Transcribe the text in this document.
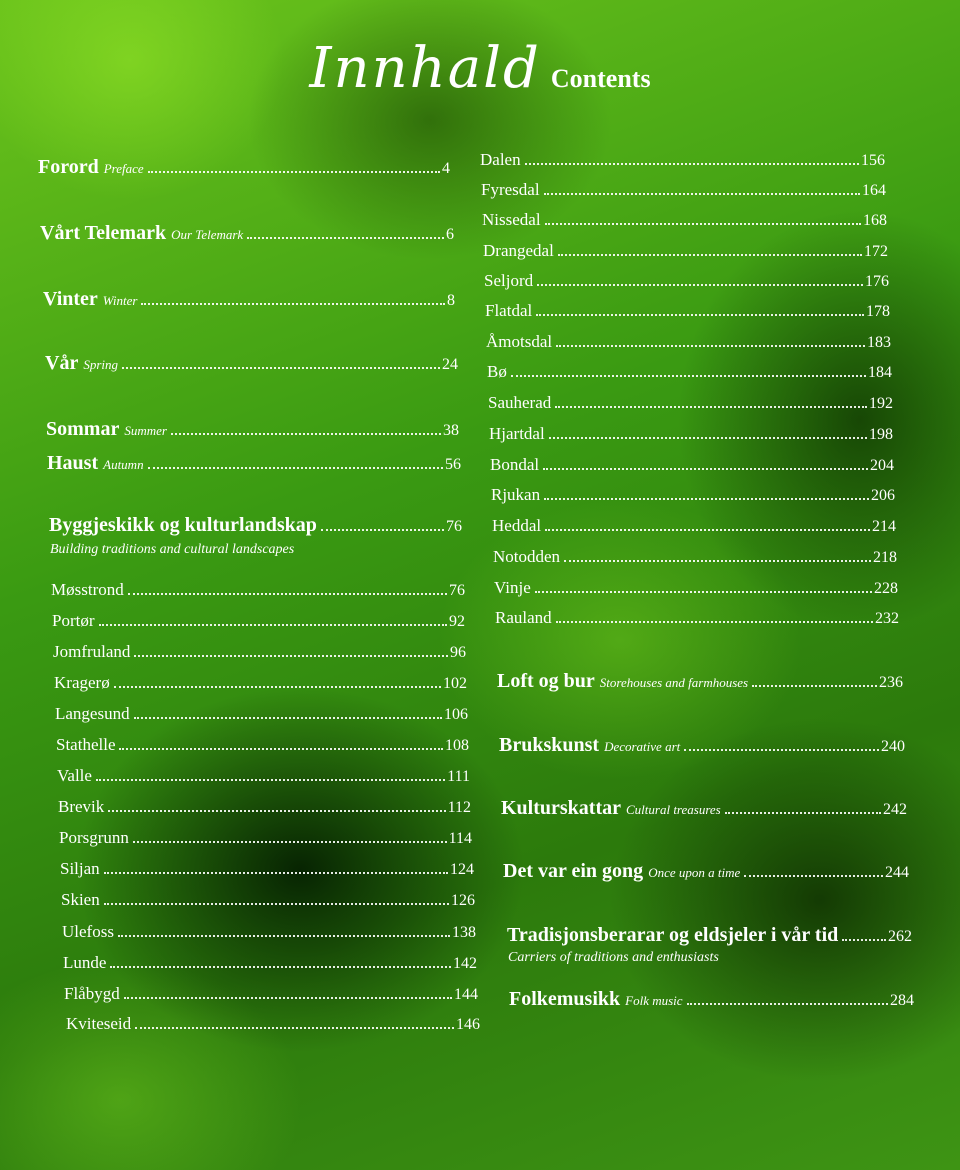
Innhald Contents
Forord Preface	4
Vårt Telemark Our Telemark	6
Vinter Winter	8
Vår Spring	24
Sommar Summer	38
Haust Autumn	56
Byggjeskikk og kulturlandskap	76
Building traditions and cultural landscapes
Møsstrond	76
Portør	92
Jomfruland	96
Kragerø	102
Langesund	106
Stathelle	108
Valle	111
Brevik	112
Porsgrunn	114
Siljan	124
Skien	126
Ulefoss	138
Lunde	142
Flåbygd	144
Kviteseid	146
Dalen	156
Fyresdal	164
Nissedal	168
Drangedal	172
Seljord	176
Flatdal	178
Åmotsdal	183
Bø	184
Sauherad	192
Hjartdal	198
Bondal	204
Rjukan	206
Heddal	214
Notodden	218
Vinje	228
Rauland	232
Loft og bur Storehouses and farmhouses	236
Brukskunst Decorative art	240
Kulturskattar Cultural treasures	242
Det var ein gong Once upon a time	244
Tradisjonsberarar og eldsjeler i vår tid	262
Carriers of traditions and enthusiasts
Folkemusikk Folk music	284
